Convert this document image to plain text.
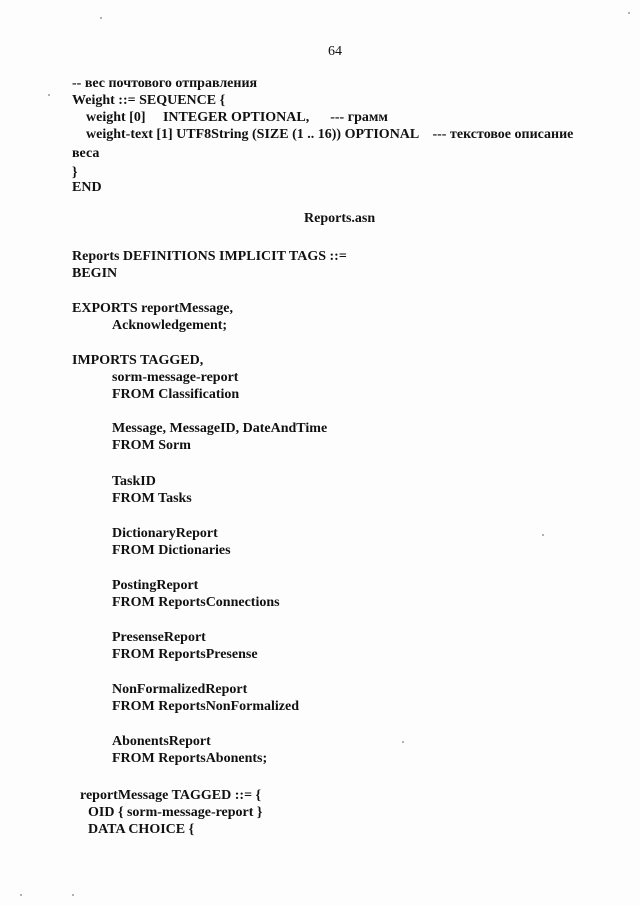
64
-- вес почтового отправления
Weight ::= SEQUENCE {
weight [0]     INTEGER OPTIONAL,      --- грамм
weight-text [1] UTF8String (SIZE (1 .. 16)) OPTIONAL    --- текстовое описание
веса
}
END
Reports.asn
Reports DEFINITIONS IMPLICIT TAGS ::=
BEGIN
EXPORTS reportMessage,
Acknowledgement;
IMPORTS TAGGED,
sorm-message-report
FROM Classification
Message, MessageID, DateAndTime
FROM Sorm
TaskID
FROM Tasks
DictionaryReport
FROM Dictionaries
PostingReport
FROM ReportsConnections
PresenseReport
FROM ReportsPresense
NonFormalizedReport
FROM ReportsNonFormalized
AbonentsReport
FROM ReportsAbonents;
reportMessage TAGGED ::= {
OID { sorm-message-report }
DATA CHOICE {
